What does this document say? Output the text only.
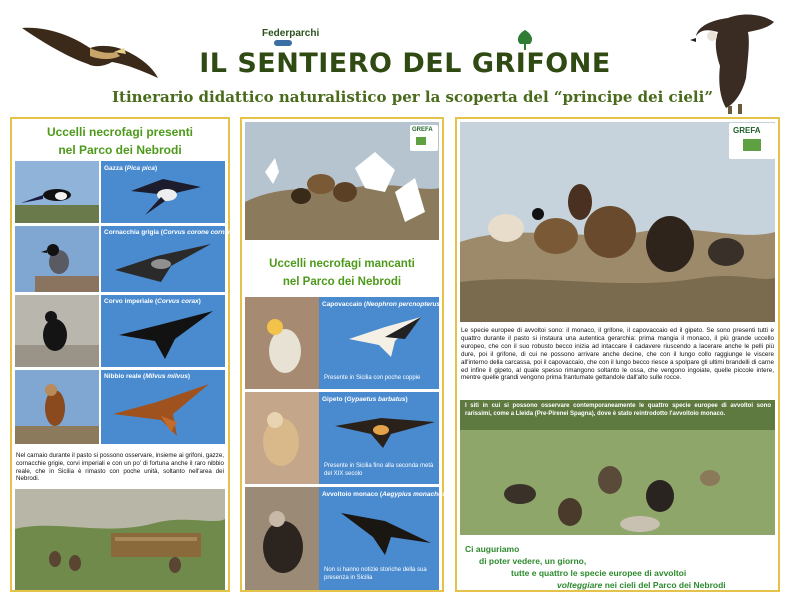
Federparchi
IL SENTIERO DEL GRIFONE
Itinerario didattico naturalistico per la scoperta del “principe dei cieli”
Uccelli necrofagi presenti
nel Parco dei Nebrodi
Gazza (Pica pica)
Cornacchia grigia (Corvus corone cornix)
Corvo imperiale (Corvus corax)
Nibbio reale (Milvus milvus)
Nel carnaio durante il pasto si possono osservare, insieme ai grifoni, gazze, cornacchie grigie, corvi imperiali e con un po' di fortuna anche il raro nibbio reale, che in Sicilia è rimasto con poche unità, soltanto nell'area dei Nebrodi.
GREFA
Uccelli necrofagi mancanti
nel Parco dei Nebrodi
Capovaccaio (Neophron percnopterus)
Presente in Sicilia con poche coppie
Gipeto (Gypaetus barbatus)
Presente in Sicilia fino alla seconda metà del XIX secolo
Avvoltoio monaco (Aegypius monachus)
Non si hanno notizie storiche della sua presenza in Sicilia
GREFA
Le specie europee di avvoltoi sono: il monaco, il grifone, il capovaccaio ed il gipeto. Se sono presenti tutti e quattro durante il pasto si instaura una autentica gerarchia: prima mangia il monaco, il più grande uccello europeo, che con il suo robusto becco inizia ad intaccare il cadavere riuscendo a lacerare anche le pelli più dure, poi il grifone, di cui ne possono arrivare anche decine, che con il lungo collo raggiunge le viscere all'interno della carcassa, poi il capovaccaio, che con il lungo becco riesce a spolpare gli ultimi brandelli di carne ed infine il gipeto, al quale spesso rimangono soltanto le ossa, che vengono ingoiate, quelle piccole intere, mentre quelle grandi vengono prima frantumate gettandole dall'alto sulle rocce.
I siti in cui si possono osservare contemporaneamente le quattro specie europee di avvoltoi sono rarissimi, come a Lleida (Pre-Pirenei Spagna), dove è stato reintrodotto l'avvoltoio monaco.
Ci auguriamo
di poter vedere, un giorno,
tutte e quattro le specie europee di avvoltoi
volteggiare nei cieli del Parco dei Nebrodi
